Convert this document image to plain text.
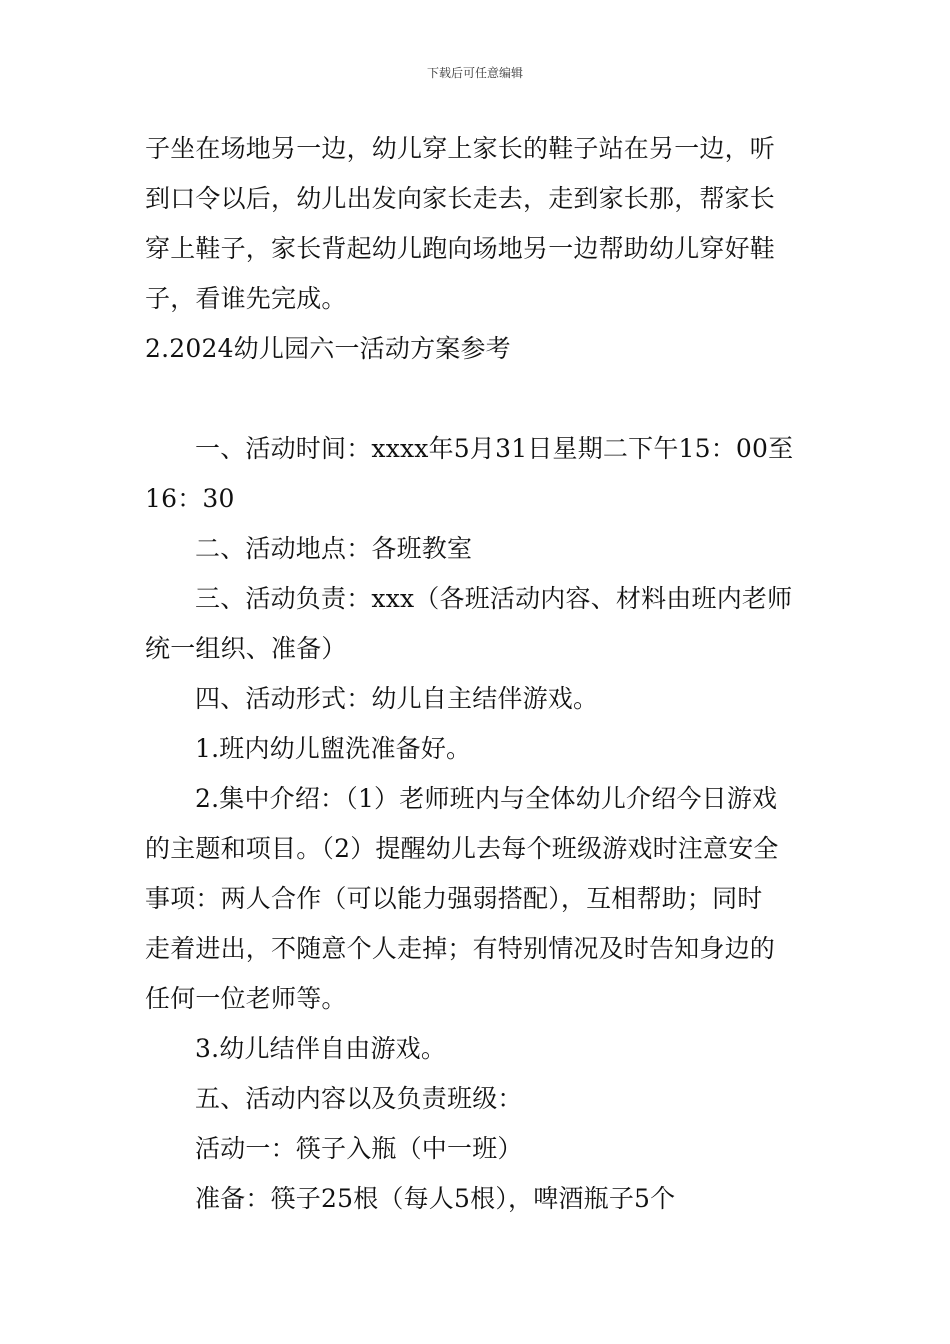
下载后可任意编辑
子坐在场地另一边，幼儿穿上家长的鞋子站在另一边，听
到口令以后，幼儿出发向家长走去，走到家长那，帮家长
穿上鞋子，家长背起幼儿跑向场地另一边帮助幼儿穿好鞋
子，看谁先完成。
2.2024幼儿园六一活动方案参考
一、活动时间：xxxx年5月31日星期二下午15：00至
16：30
二、活动地点：各班教室
三、活动负责：xxx（各班活动内容、材料由班内老师
统一组织、准备）
四、活动形式：幼儿自主结伴游戏。
1.班内幼儿盥洗准备好。
2.集中介绍：（1）老师班内与全体幼儿介绍今日游戏
的主题和项目。（2）提醒幼儿去每个班级游戏时注意安全
事项：两人合作（可以能力强弱搭配），互相帮助；同时
走着进出，不随意个人走掉；有特别情况及时告知身边的
任何一位老师等。
3.幼儿结伴自由游戏。
五、活动内容以及负责班级：
活动一：筷子入瓶（中一班）
准备：筷子25根（每人5根），啤酒瓶子5个
